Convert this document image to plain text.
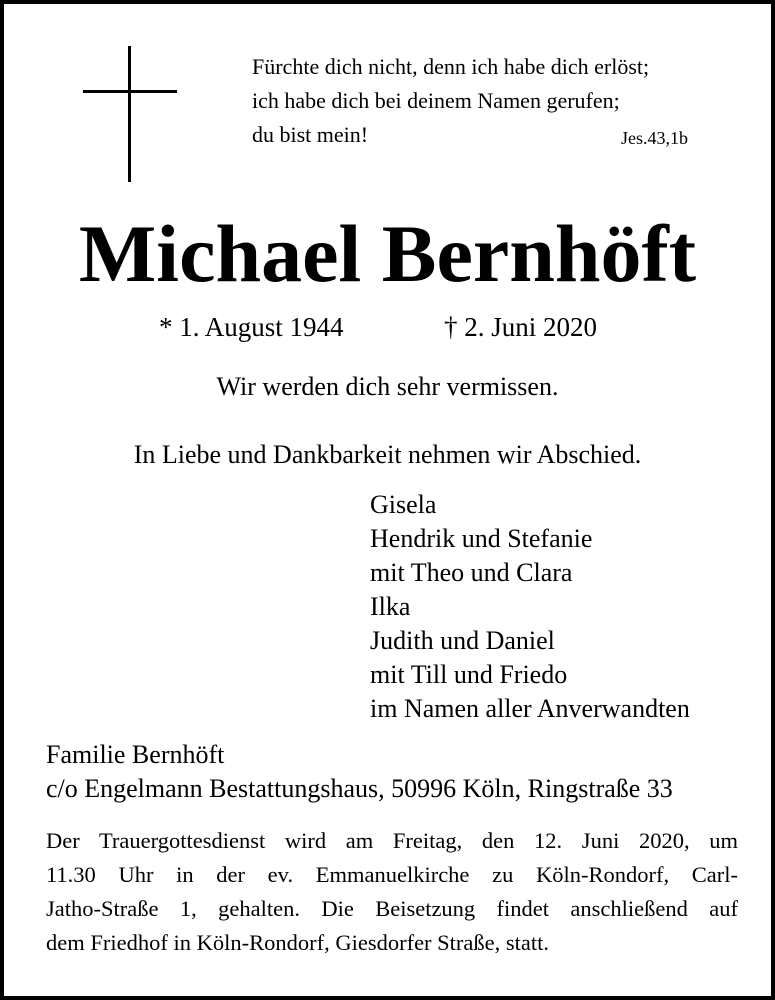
Fürchte dich nicht, denn ich habe dich erlöst;
ich habe dich bei deinem Namen gerufen;
du bist mein!	Jes.43,1b
Michael Bernhöft
* 1. August 1944	† 2. Juni 2020
Wir werden dich sehr vermissen.
In Liebe und Dankbarkeit nehmen wir Abschied.
Gisela
Hendrik und Stefanie
mit Theo und Clara
Ilka
Judith und Daniel
mit Till und Friedo
im Namen aller Anverwandten
Familie Bernhöft
c/o Engelmann Bestattungshaus, 50996 Köln, Ringstraße 33
Der Trauergottesdienst wird am Freitag, den 12. Juni 2020, um
11.30 Uhr in der ev. Emmanuelkirche zu Köln-Rondorf, Carl-
Jatho-Straße 1, gehalten. Die Beisetzung findet anschließend auf
dem Friedhof in Köln-Rondorf, Giesdorfer Straße, statt.
